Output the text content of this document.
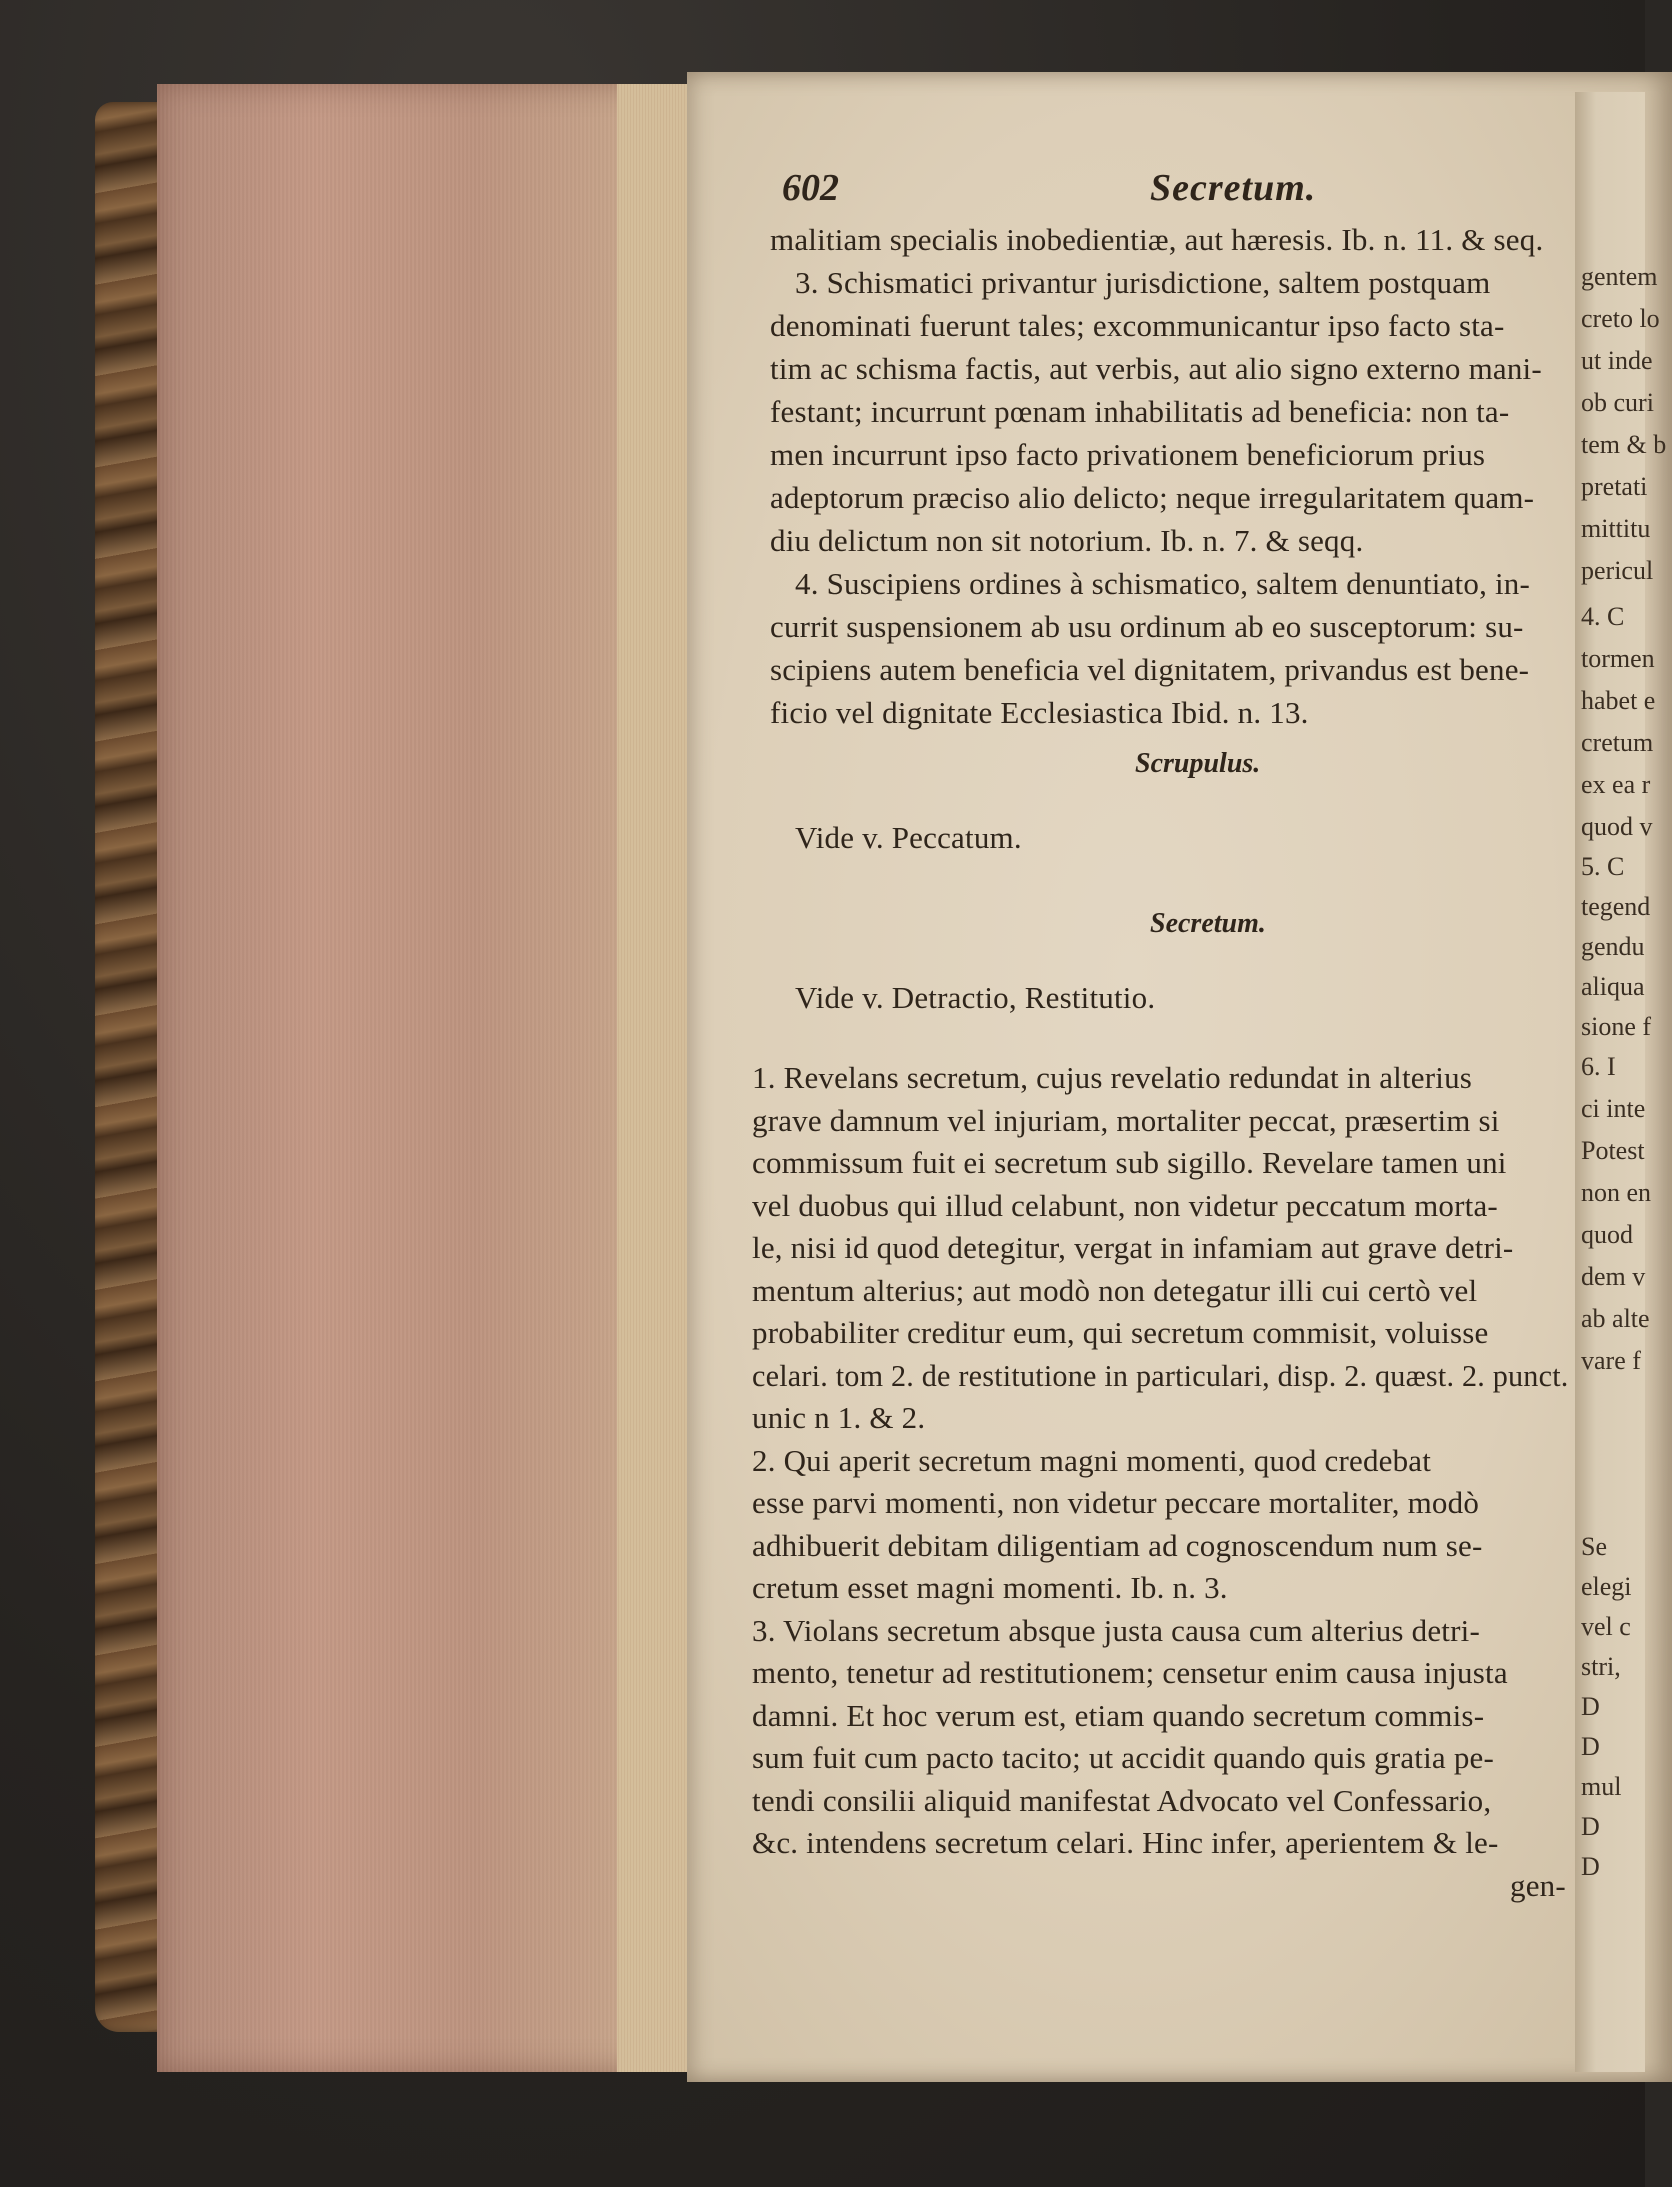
gentem
creto lo
ut inde
ob curi
tem & b
pretati
mittitu
pericul
4. C
tormen
habet e
cretum
ex ea r
quod v
5. C
tegend
gendu
aliqua
sione f
6. I
ci inte
Potest
non en
quod
dem v
ab alte
vare f
Se
elegi
vel c
stri,
D
D
mul
D
D
602	Secretum.
malitiam specialis inobedientiæ, aut hæresis. Ib. n. 11. & seq.
3. Schismatici privantur jurisdictione, saltem postquam
denominati fuerunt tales; excommunicantur ipso facto sta-
tim ac schisma factis, aut verbis, aut alio signo externo mani-
festant; incurrunt pœnam inhabilitatis ad beneficia: non ta-
men incurrunt ipso facto privationem beneficiorum prius
adeptorum præciso alio delicto; neque irregularitatem quam-
diu delictum non sit notorium. Ib. n. 7. & seqq.
4. Suscipiens ordines à schismatico, saltem denuntiato, in-
currit suspensionem ab usu ordinum ab eo susceptorum: su-
scipiens autem beneficia vel dignitatem, privandus est bene-
ficio vel dignitate Ecclesiastica Ibid. n. 13.
Scrupulus.
Vide v. Peccatum.
Secretum.
Vide v. Detractio, Restitutio.
1. Revelans secretum, cujus revelatio redundat in alterius
grave damnum vel injuriam, mortaliter peccat, præsertim si
commissum fuit ei secretum sub sigillo. Revelare tamen uni
vel duobus qui illud celabunt, non videtur peccatum morta-
le, nisi id quod detegitur, vergat in infamiam aut grave detri-
mentum alterius; aut modò non detegatur illi cui certò vel
probabiliter creditur eum, qui secretum commisit, voluisse
celari. tom 2. de restitutione in particulari, disp. 2. quæst. 2. punct.
unic n 1. & 2.
2. Qui aperit secretum magni momenti, quod credebat
esse parvi momenti, non videtur peccare mortaliter, modò
adhibuerit debitam diligentiam ad cognoscendum num se-
cretum esset magni momenti. Ib. n. 3.
3. Violans secretum absque justa causa cum alterius detri-
mento, tenetur ad restitutionem; censetur enim causa injusta
damni. Et hoc verum est, etiam quando secretum commis-
sum fuit cum pacto tacito; ut accidit quando quis gratia pe-
tendi consilii aliquid manifestat Advocato vel Confessario,
&c. intendens secretum celari. Hinc infer, aperientem & le-
gen-
